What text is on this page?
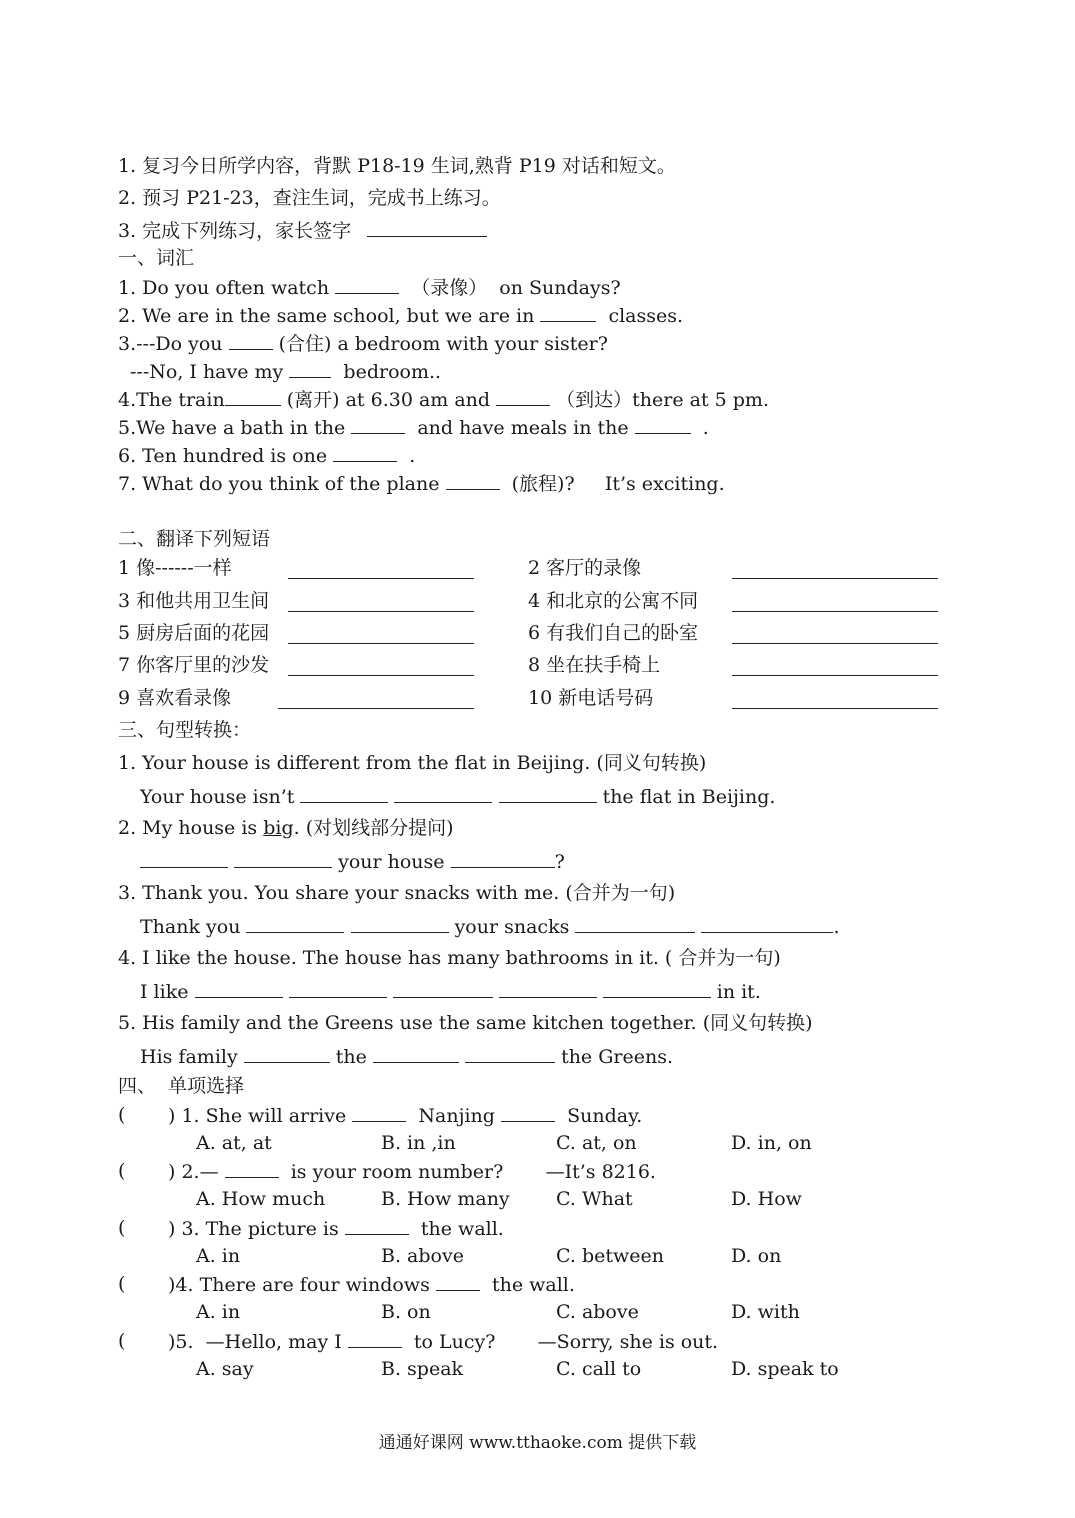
1. 复习今日所学内容，背默 P18-19 生词,熟背 P19 对话和短文。
2. 预习 P21-23，查注生词，完成书上练习。
3. 完成下列练习，家长签字
一、词汇
1. Do you often watch	（录像）  on Sundays?
2. We are in the same school, but we are in	classes.
3.---Do you	(合住) a bedroom with your sister?
---No, I have my	bedroom..
4.The train	(离开) at 6.30 am and	（到达）there at 5 pm.
5.We have a bath in the	and have meals in the	.
6. Ten hundred is one	.
7. What do you think of the plane	(旅程)?     It’s exciting.
二、翻译下列短语
1 像------一样	2 客厅的录像
3 和他共用卫生间	4 和北京的公寓不同
5 厨房后面的花园	6 有我们自己的卧室
7 你客厅里的沙发	8 坐在扶手椅上
9 喜欢看录像	10 新电话号码
三、句型转换：
1. Your house is different from the flat in Beijing. (同义句转换)
Your house isn’t	the flat in Beijing.
2. My house is big. (对划线部分提问)
your house	?
3. Thank you. You share your snacks with me. (合并为一句)
Thank you	your snacks	.
4. I like the house. The house has many bathrooms in it. ( 合并为一句)
I like	in it.
5. His family and the Greens use the same kitchen together. (同义句转换)
His family	the	the Greens.
四、  单项选择
( ) 1. She will arrive	Nanjing	Sunday.
A. at, at	B. in ,in	C. at, on	D. in, on
( ) 2.—	is your room number?       —It’s 8216.
A. How much	B. How many C. What	D. How
( ) 3. The picture is	the wall.
A. in	B. above	C. between	D. on
( )4. There are four windows	the wall.
A. in	B. on	C. above	D. with
( )5.  —Hello, may I	to Lucy?       —Sorry, she is out.
A. say	B. speak	C. call to	D. speak to
通通好课网 www.tthaoke.com 提供下载
